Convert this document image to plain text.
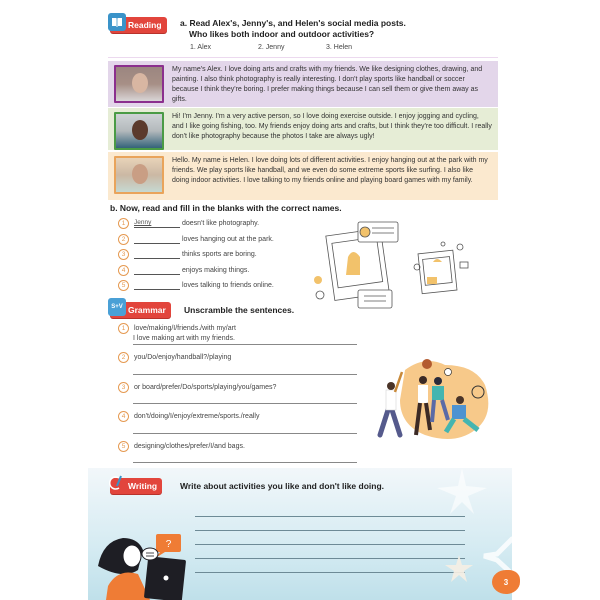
Reading a. Read Alex's, Jenny's, and Helen's social media posts.
Who likes both indoor and outdoor activities?
1. Alex	2. Jenny	3. Helen
My name's Alex. I love doing arts and crafts with my friends. We like designing clothes, drawing, and painting. I also think photography is really interesting. I don't play sports like handball or soccer because I think they're boring. I prefer making things because I can sell them or give them away as gifts.
Hi! I'm Jenny. I'm a very active person, so I love doing exercise outside. I enjoy jogging and cycling, and I like going fishing, too. My friends enjoy doing arts and crafts, but I think they're too difficult. I really don't like photography because the photos I take are always ugly!
Hello. My name is Helen. I love doing lots of different activities. I enjoy hanging out at the park with my friends. We play sports like handball, and we even do some extreme sports like surfing. I also like doing indoor activities. I love talking to my friends online and playing board games with my family.
b. Now, read and fill in the blanks with the correct names.
1	Jenny	doesn't like photography.
2	loves hanging out at the park.
3	thinks sports are boring.
4	enjoys making things.
5	loves talking to friends online.
S+V Grammar Unscramble the sentences.
1	love/making/I/friends./with my/art
I love making art with my friends.
2	you/Do/enjoy/handball?/playing
3	or board/prefer/Do/sports/playing/you/games?
4	don't/doing/I/enjoy/extreme/sports./really
5	designing/clothes/prefer/I/and bags.
Writing	Write about activities you like and don't like doing.
?
3
